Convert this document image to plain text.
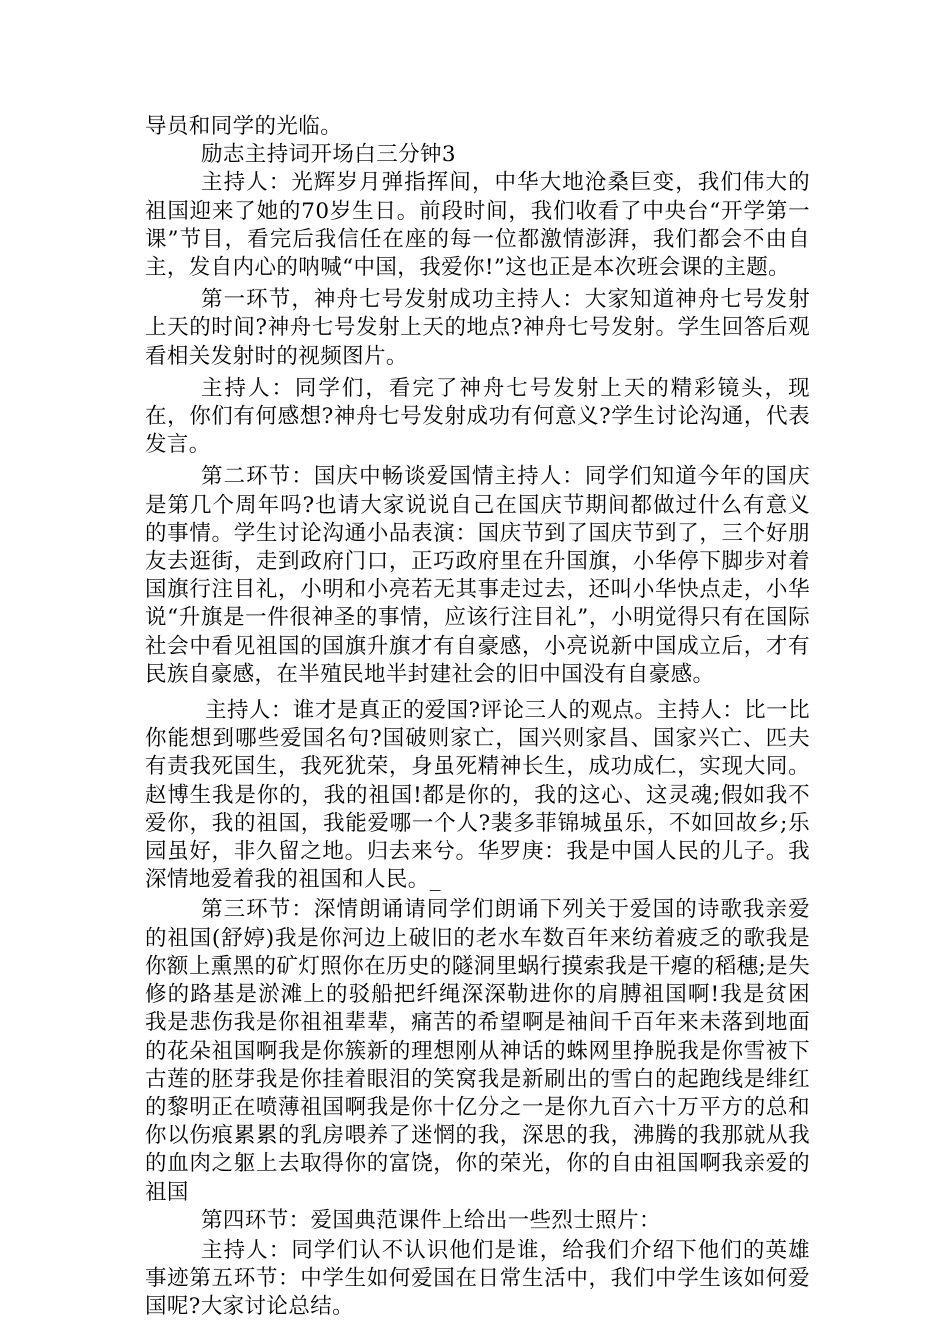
导员和同学的光临。

励志主持词开场白三分钟3

主持人：光辉岁月弹指挥间，中华大地沧桑巨变，我们伟大的祖国迎来了她的70岁生日。前段时间，我们收看了中央台“开学第一课”节目，看完后我信任在座的每一位都激情澎湃，我们都会不由自主，发自内心的呐喊“中国，我爱你!”这也正是本次班会课的主题。

第一环节，神舟七号发射成功主持人：大家知道神舟七号发射上天的时间?神舟七号发射上天的地点?神舟七号发射。学生回答后观看相关发射时的视频图片。

主持人：同学们，看完了神舟七号发射上天的精彩镜头，现在，你们有何感想?神舟七号发射成功有何意义?学生讨论沟通，代表发言。

第二环节：国庆中畅谈爱国情主持人：同学们知道今年的国庆是第几个周年吗?也请大家说说自己在国庆节期间都做过什么有意义的事情。学生讨论沟通小品表演：国庆节到了国庆节到了，三个好朋友去逛街，走到政府门口，正巧政府里在升国旗，小华停下脚步对着国旗行注目礼，小明和小亮若无其事走过去，还叫小华快点走，小华说“升旗是一件很神圣的事情，应该行注目礼”，小明觉得只有在国际社会中看见祖国的国旗升旗才有自豪感，小亮说新中国成立后，才有民族自豪感，在半殖民地半封建社会的旧中国没有自豪感。

主持人：谁才是真正的爱国?评论三人的观点。主持人：比一比你能想到哪些爱国名句?国破则家亡，国兴则家昌、国家兴亡、匹夫有责我死国生，我死犹荣，身虽死精神长生，成功成仁，实现大同。赵博生我是你的，我的祖国!都是你的，我的这心、这灵魂;假如我不爱你，我的祖国，我能爱哪一个人?裴多菲锦城虽乐，不如回故乡;乐园虽好，非久留之地。归去来兮。华罗庚：我是中国人民的儿子。我深情地爱着我的祖国和人民。_

第三环节：深情朗诵请同学们朗诵下列关于爱国的诗歌我亲爱的祖国(舒婷)我是你河边上破旧的老水车数百年来纺着疲乏的歌我是你额上熏黑的矿灯照你在历史的隧洞里蜗行摸索我是干瘪的稻穗;是失修的路基是淤滩上的驳船把纤绳深深勒进你的肩膊祖国啊!我是贫困我是悲伤我是你祖祖辈辈，痛苦的希望啊是袖间千百年来未落到地面的花朵祖国啊我是你簇新的理想刚从神话的蛛网里挣脱我是你雪被下古莲的胚芽我是你挂着眼泪的笑窝我是新刷出的雪白的起跑线是绯红的黎明正在喷薄祖国啊我是你十亿分之一是你九百六十万平方的总和你以伤痕累累的乳房喂养了迷惘的我，深思的我，沸腾的我那就从我的血肉之躯上去取得你的富饶，你的荣光，你的自由祖国啊我亲爱的祖国

第四环节：爱国典范课件上给出一些烈士照片：

主持人：同学们认不认识他们是谁，给我们介绍下他们的英雄事迹第五环节：中学生如何爱国在日常生活中，我们中学生该如何爱国呢?大家讨论总结。
